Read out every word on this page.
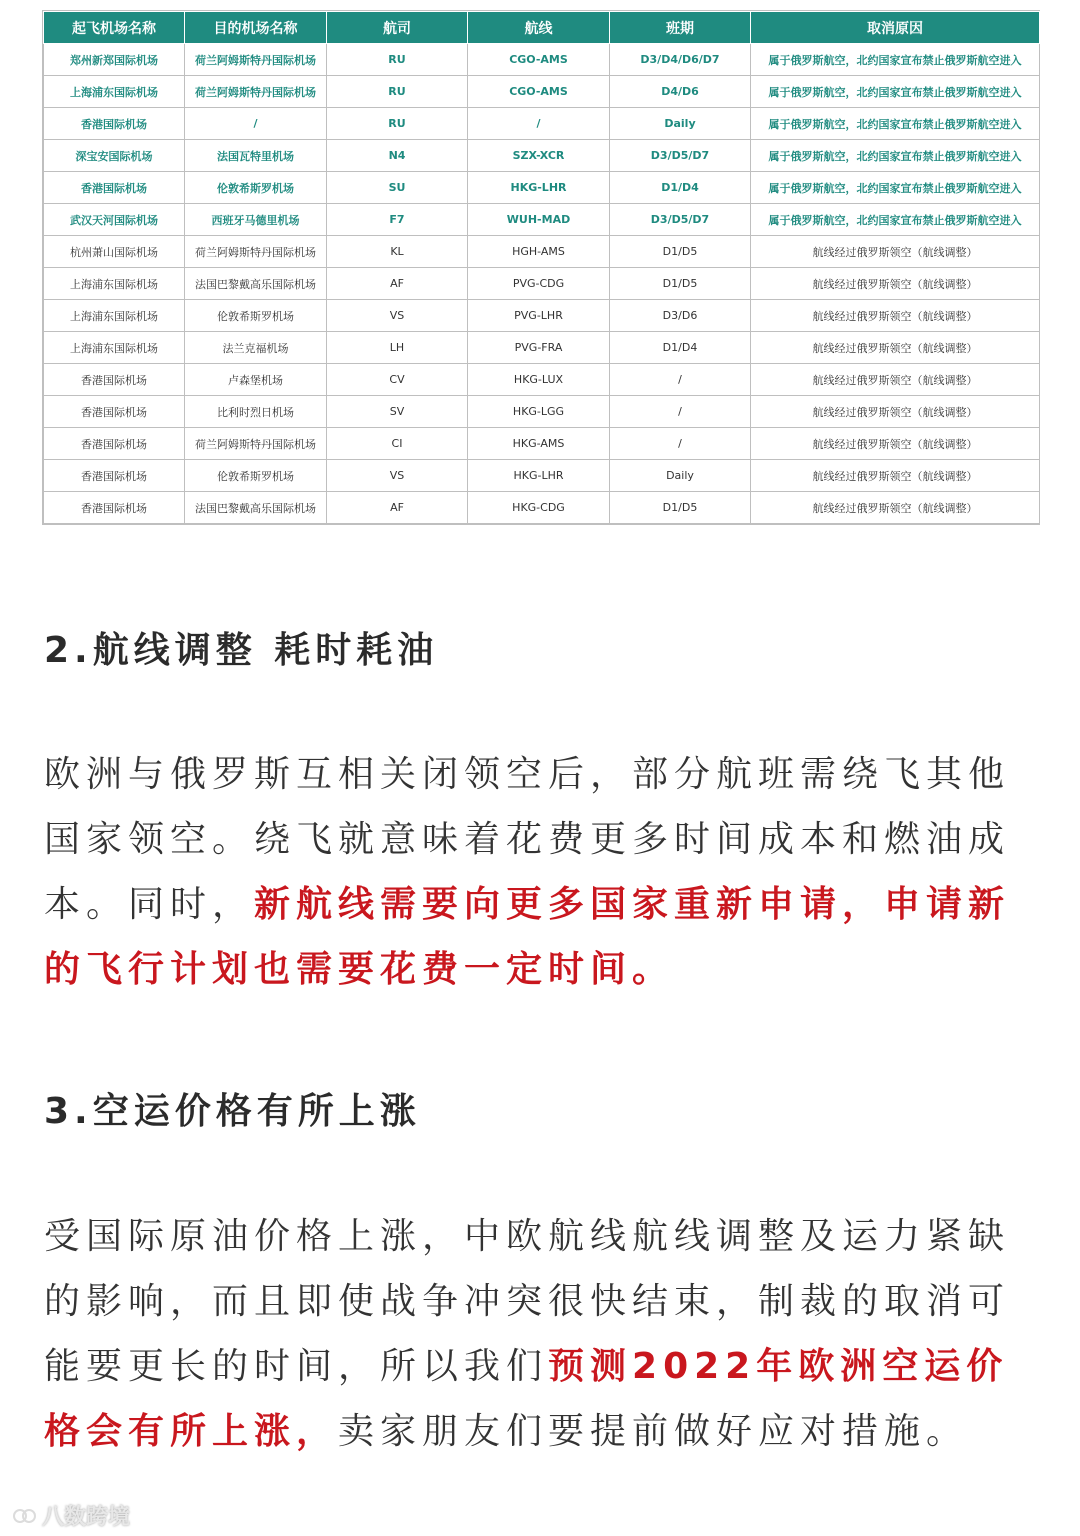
起飞机场名称	目的机场名称	航司	航线	班期	取消原因
郑州新郑国际机场	荷兰阿姆斯特丹国际机场	RU	CGO-AMS	D3/D4/D6/D7	属于俄罗斯航空，北约国家宣布禁止俄罗斯航空进入
上海浦东国际机场	荷兰阿姆斯特丹国际机场	RU	CGO-AMS	D4/D6	属于俄罗斯航空，北约国家宣布禁止俄罗斯航空进入
香港国际机场	/	RU	/	Daily	属于俄罗斯航空，北约国家宣布禁止俄罗斯航空进入
深宝安国际机场	法国瓦特里机场	N4	SZX-XCR	D3/D5/D7	属于俄罗斯航空，北约国家宣布禁止俄罗斯航空进入
香港国际机场	伦敦希斯罗机场	SU	HKG-LHR	D1/D4	属于俄罗斯航空，北约国家宣布禁止俄罗斯航空进入
武汉天河国际机场	西班牙马德里机场	F7	WUH-MAD	D3/D5/D7	属于俄罗斯航空，北约国家宣布禁止俄罗斯航空进入
杭州萧山国际机场	荷兰阿姆斯特丹国际机场	KL	HGH-AMS	D1/D5	航线经过俄罗斯领空（航线调整）
上海浦东国际机场	法国巴黎戴高乐国际机场	AF	PVG-CDG	D1/D5	航线经过俄罗斯领空（航线调整）
上海浦东国际机场	伦敦希斯罗机场	VS	PVG-LHR	D3/D6	航线经过俄罗斯领空（航线调整）
上海浦东国际机场	法兰克福机场	LH	PVG-FRA	D1/D4	航线经过俄罗斯领空（航线调整）
香港国际机场	卢森堡机场	CV	HKG-LUX	/	航线经过俄罗斯领空（航线调整）
香港国际机场	比利时烈日机场	SV	HKG-LGG	/	航线经过俄罗斯领空（航线调整）
香港国际机场	荷兰阿姆斯特丹国际机场	CI	HKG-AMS	/	航线经过俄罗斯领空（航线调整）
香港国际机场	伦敦希斯罗机场	VS	HKG-LHR	Daily	航线经过俄罗斯领空（航线调整）
香港国际机场	法国巴黎戴高乐国际机场	AF	HKG-CDG	D1/D5	航线经过俄罗斯领空（航线调整）
2.航线调整 耗时耗油

欧洲与俄罗斯互相关闭领空后，部分航班需绕飞其他国家领空。绕飞就意味着花费更多时间成本和燃油成本。同时，新航线需要向更多国家重新申请，申请新的飞行计划也需要花费一定时间。

3.空运价格有所上涨

受国际原油价格上涨，中欧航线航线调整及运力紧缺的影响，而且即使战争冲突很快结束，制裁的取消可能要更长的时间，所以我们预测2022年欧洲空运价格会有所上涨，卖家朋友们要提前做好应对措施。

八数跨境
